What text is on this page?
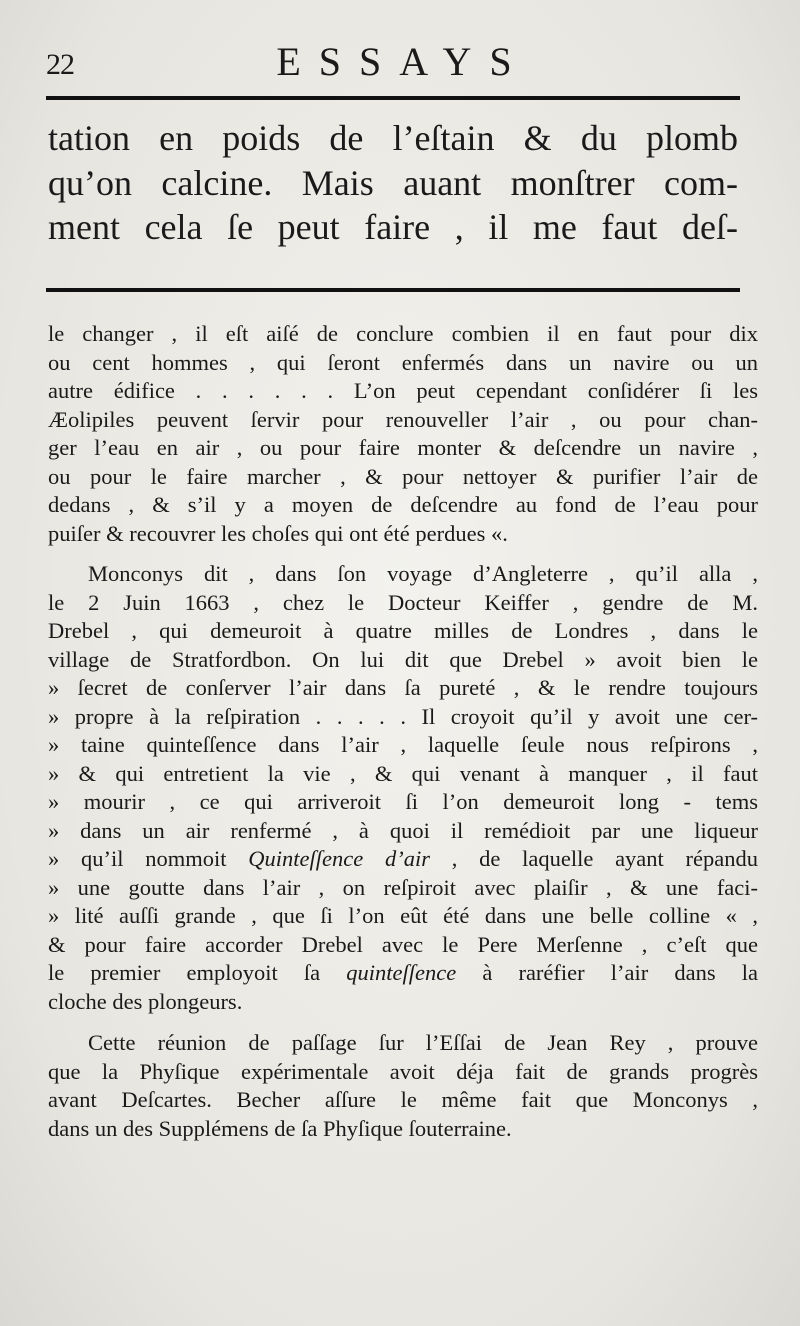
22	ESSAYS
tation en poids de l’eſtain & du plomb
qu’on calcine. Mais auant monſtrer com-
ment cela ſe peut faire , il me faut deſ-
le changer , il eſt aiſé de conclure combien il en faut pour dix
ou cent hommes , qui ſeront enfermés dans un navire ou un
autre édifice . . . . . . L’on peut cependant conſidérer ſi les
Æolipiles peuvent ſervir pour renouveller l’air , ou pour chan-
ger l’eau en air , ou pour faire monter & deſcendre un navire ,
ou pour le faire marcher , & pour nettoyer & purifier l’air de
dedans , & s’il y a moyen de deſcendre au fond de l’eau pour
puiſer & recouvrer les choſes qui ont été perdues «.
Monconys dit , dans ſon voyage d’Angleterre , qu’il alla ,
le 2 Juin 1663 , chez le Docteur Keiffer , gendre de M.
Drebel , qui demeuroit à quatre milles de Londres , dans le
village de Stratfordbon. On lui dit que Drebel » avoit bien le
» ſecret de conſerver l’air dans ſa pureté , & le rendre toujours
» propre à la reſpiration . . . . . Il croyoit qu’il y avoit une cer-
» taine quinteſſence dans l’air , laquelle ſeule nous reſpirons ,
» & qui entretient la vie , & qui venant à manquer , il faut
» mourir , ce qui arriveroit ſi l’on demeuroit long - tems
» dans un air renfermé , à quoi il remédioit par une liqueur
» qu’il nommoit Quinteſſence d’air , de laquelle ayant répandu
» une goutte dans l’air , on reſpiroit avec plaiſir , & une faci-
» lité auſſi grande , que ſi l’on eût été dans une belle colline « ,
& pour faire accorder Drebel avec le Pere Merſenne , c’eſt que
le premier employoit ſa quinteſſence à raréfier l’air dans la
cloche des plongeurs.
Cette réunion de paſſage ſur l’Eſſai de Jean Rey , prouve
que la Phyſique expérimentale avoit déja fait de grands progrès
avant Deſcartes. Becher aſſure le même fait que Monconys ,
dans un des Supplémens de ſa Phyſique ſouterraine.
